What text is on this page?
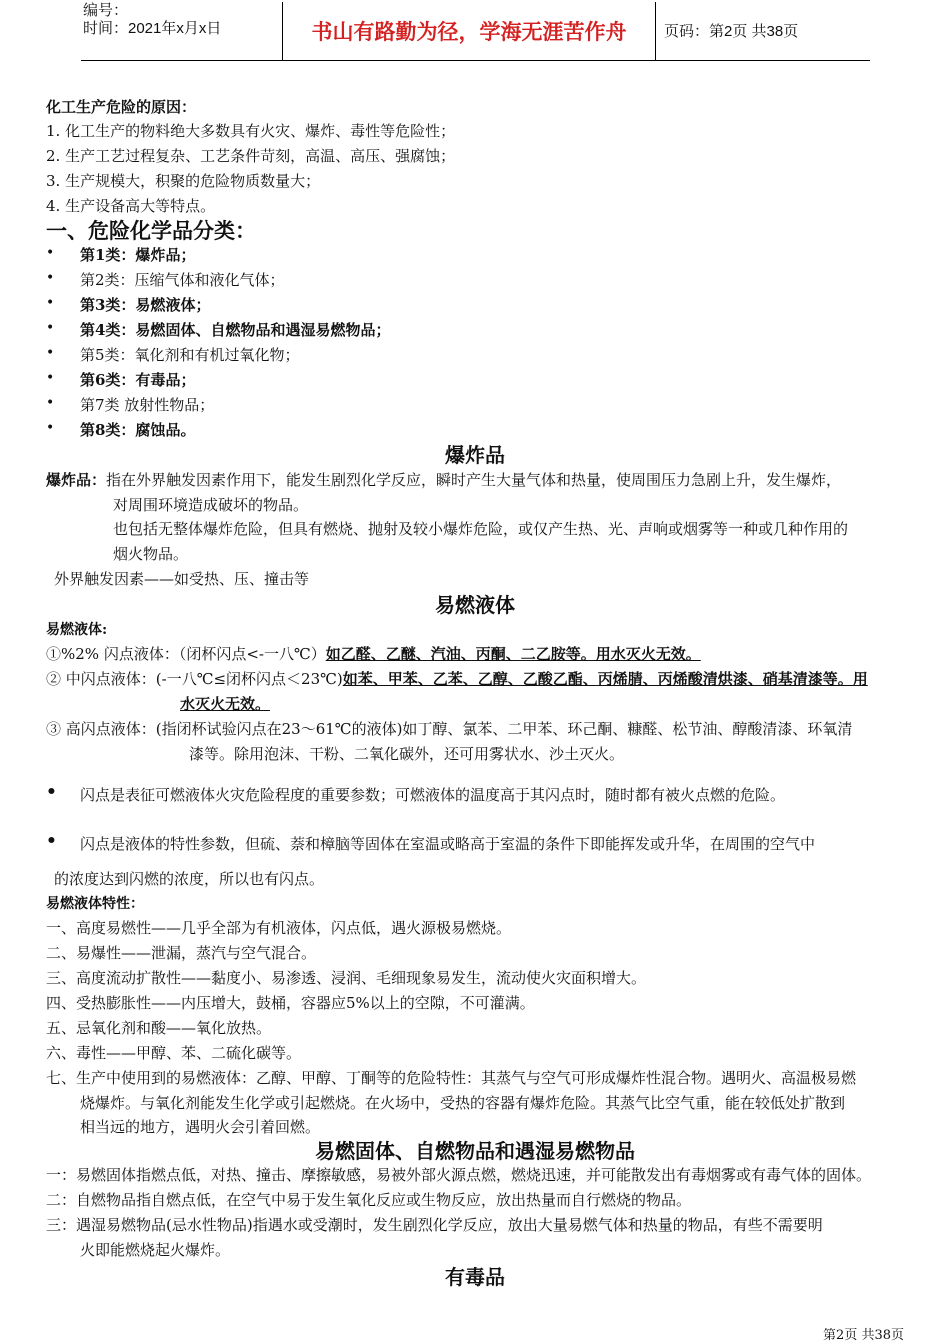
编号：
时间：2021年x月x日	书山有路勤为径，学海无涯苦作舟	页码：第2页 共38页
化工生产危险的原因：
1. 化工生产的物料绝大多数具有火灾、爆炸、毒性等危险性；
2. 生产工艺过程复杂、工艺条件苛刻，高温、高压、强腐蚀；
3. 生产规模大，积聚的危险物质数量大；
4. 生产设备高大等特点。
一、危险化学品分类：
• 第1类：爆炸品；
• 第2类：压缩气体和液化气体；
• 第3类：易燃液体；
• 第4类：易燃固体、自燃物品和遇湿易燃物品；
• 第5类：氧化剂和有机过氧化物；
• 第6类：有毒品；
• 第7类 放射性物品；
• 第8类：腐蚀品。
爆炸品
爆炸品：指在外界触发因素作用下，能发生剧烈化学反应，瞬时产生大量气体和热量，使周围压力急剧上升，发生爆炸，
对周围环境造成破坏的物品。
也包括无整体爆炸危险，但具有燃烧、抛射及较小爆炸危险，或仅产生热、光、声响或烟雾等一种或几种作用的
烟火物品。
外界触发因素——如受热、压、撞击等
易燃液体
易燃液体:
①%2% 闪点液体：（闭杯闪点<-一八℃）如乙醛、乙醚、汽油、丙酮、二乙胺等。用水灭火无效。
② 中闪点液体：(-一八℃≤闭杯闪点＜23℃)如苯、甲苯、乙苯、乙醇、乙酸乙酯、丙烯腈、丙烯酸清烘漆、硝基清漆等。用
水灭火无效。
③ 高闪点液体：(指闭杯试验闪点在23～61℃的液体)如丁醇、氯苯、二甲苯、环己酮、糠醛、松节油、醇酸清漆、环氧清
漆等。除用泡沫、干粉、二氧化碳外，还可用雾状水、沙土灭火。
• 闪点是表征可燃液体火灾危险程度的重要参数；可燃液体的温度高于其闪点时，随时都有被火点燃的危险。
• 闪点是液体的特性参数，但硫、萘和樟脑等固体在室温或略高于室温的条件下即能挥发或升华，在周围的空气中
的浓度达到闪燃的浓度，所以也有闪点。
易燃液体特性：
一、高度易燃性——几乎全部为有机液体，闪点低，遇火源极易燃烧。
二、易爆性——泄漏，蒸汽与空气混合。
三、高度流动扩散性——黏度小、易渗透、浸润、毛细现象易发生，流动使火灾面积增大。
四、受热膨胀性——内压增大，鼓桶，容器应5%以上的空隙，不可灌满。
五、忌氧化剂和酸——氧化放热。
六、毒性——甲醇、苯、二硫化碳等。
七、生产中使用到的易燃液体：乙醇、甲醇、丁酮等的危险特性：其蒸气与空气可形成爆炸性混合物。遇明火、高温极易燃
烧爆炸。与氧化剂能发生化学或引起燃烧。在火场中，受热的容器有爆炸危险。其蒸气比空气重，能在较低处扩散到
相当远的地方，遇明火会引着回燃。
易燃固体、自燃物品和遇湿易燃物品
一：易燃固体指燃点低，对热、撞击、摩擦敏感，易被外部火源点燃，燃烧迅速，并可能散发出有毒烟雾或有毒气体的固体。
二：自燃物品指自燃点低，在空气中易于发生氧化反应或生物反应，放出热量而自行燃烧的物品。
三：遇湿易燃物品(忌水性物品)指遇水或受潮时，发生剧烈化学反应，放出大量易燃气体和热量的物品，有些不需要明
火即能燃烧起火爆炸。
有毒品
第2页 共38页
